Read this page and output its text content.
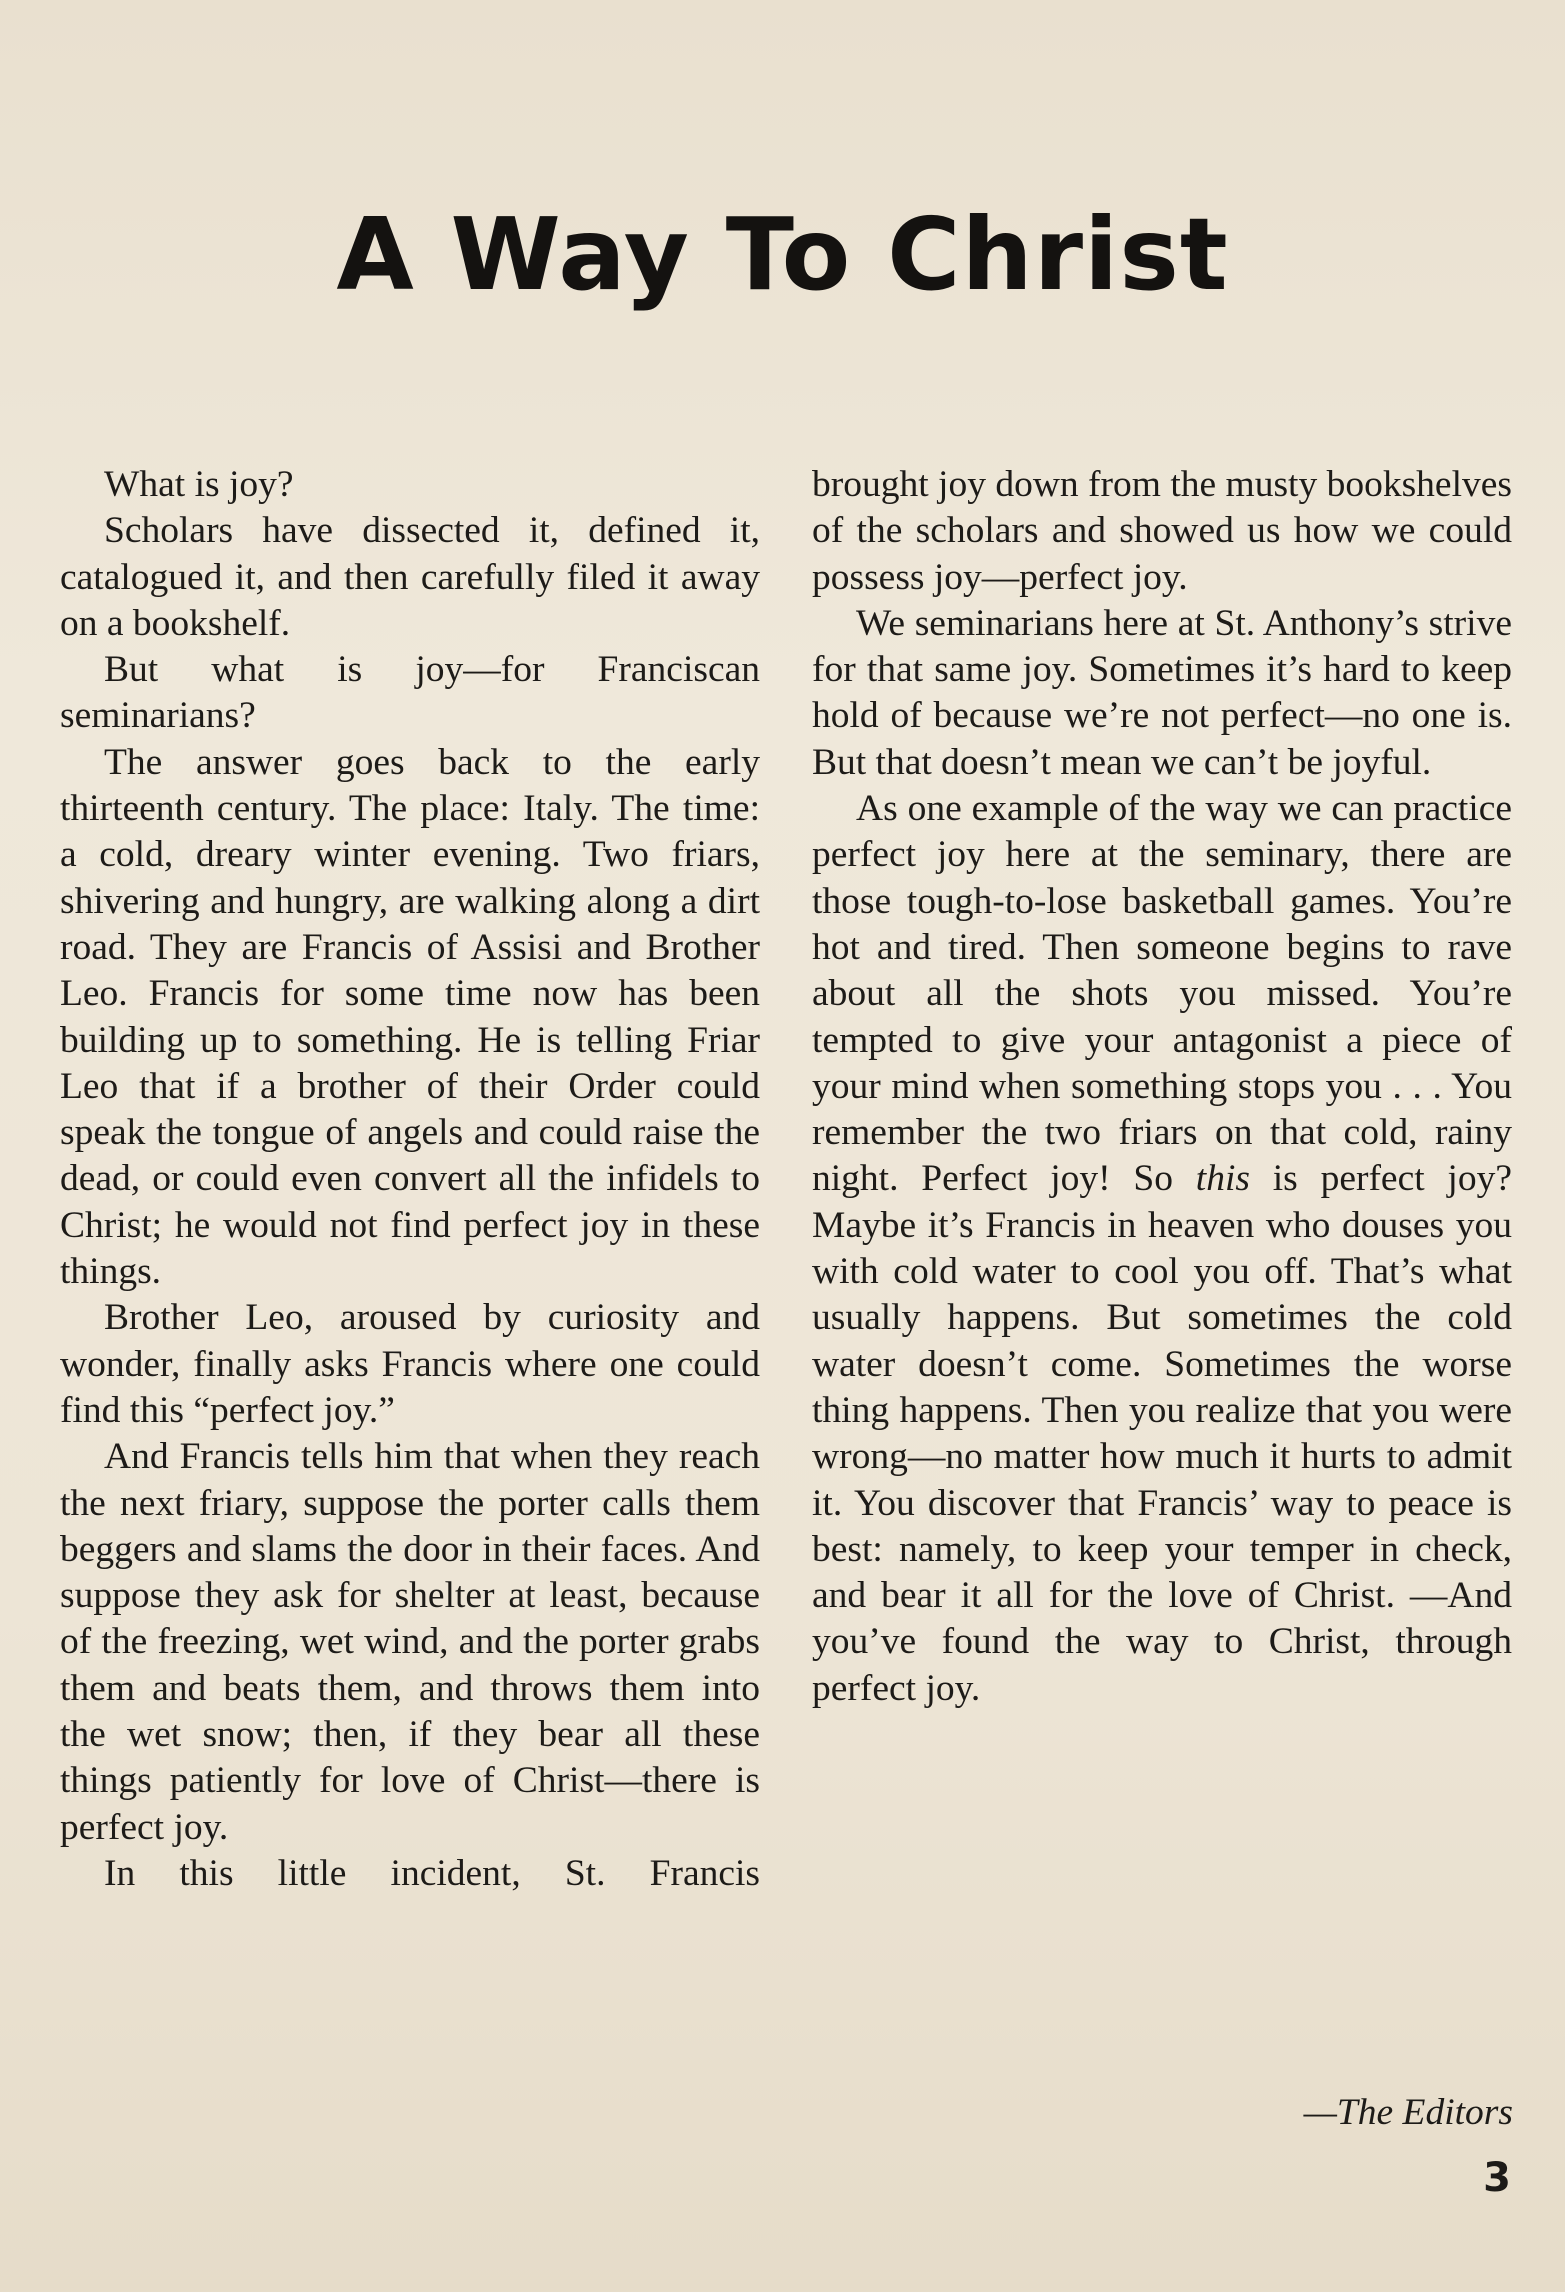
A Way To Christ

What is joy?

Scholars have dissected it, defined it, catalogued it, and then carefully filed it away on a bookshelf.

But what is joy—for Franciscan seminarians?

The answer goes back to the early thirteenth century. The place: Italy. The time: a cold, dreary winter evening. Two friars, shivering and hungry, are walking along a dirt road. They are Francis of Assisi and Brother Leo. Francis for some time now has been building up to something. He is telling Friar Leo that if a brother of their Order could speak the tongue of angels and could raise the dead, or could even convert all the infidels to Christ; he would not find perfect joy in these things.

Brother Leo, aroused by curiosity and wonder, finally asks Francis where one could find this “perfect joy.”

And Francis tells him that when they reach the next friary, suppose the porter calls them beggers and slams the door in their faces. And suppose they ask for shelter at least, because of the freezing, wet wind, and the porter grabs them and beats them, and throws them into the wet snow; then, if they bear all these things patiently for love of Christ—there is perfect joy.

In this little incident, St. Francis

brought joy down from the musty bookshelves of the scholars and showed us how we could possess joy—perfect joy.

We seminarians here at St. Anthony’s strive for that same joy. Sometimes it’s hard to keep hold of because we’re not perfect—no one is. But that doesn’t mean we can’t be joyful.

As one example of the way we can practice perfect joy here at the seminary, there are those tough-to-lose basketball games. You’re hot and tired. Then someone begins to rave about all the shots you missed. You’re tempted to give your antagonist a piece of your mind when something stops you . . . You remember the two friars on that cold, rainy night. Perfect joy! So this is perfect joy? Maybe it’s Francis in heaven who douses you with cold water to cool you off. That’s what usually happens. But sometimes the cold water doesn’t come. Sometimes the worse thing happens. Then you realize that you were wrong—no matter how much it hurts to admit it. You discover that Francis’ way to peace is best: namely, to keep your temper in check, and bear it all for the love of Christ. —And you’ve found the way to Christ, through perfect joy.

—The Editors
3
